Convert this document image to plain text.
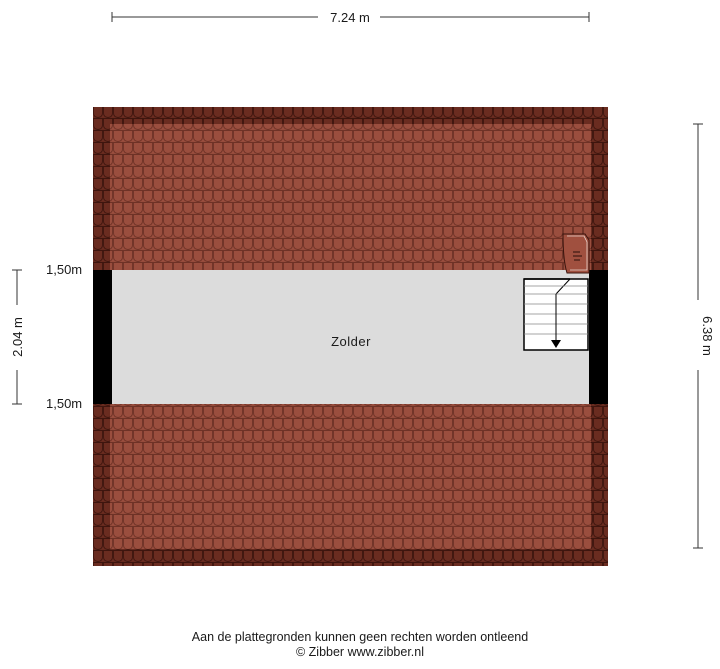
7.24 m
6.38 m
2.04 m
1,50m
1,50m
Zolder
Aan de plattegronden kunnen geen rechten worden ontleend
© Zibber www.zibber.nl
